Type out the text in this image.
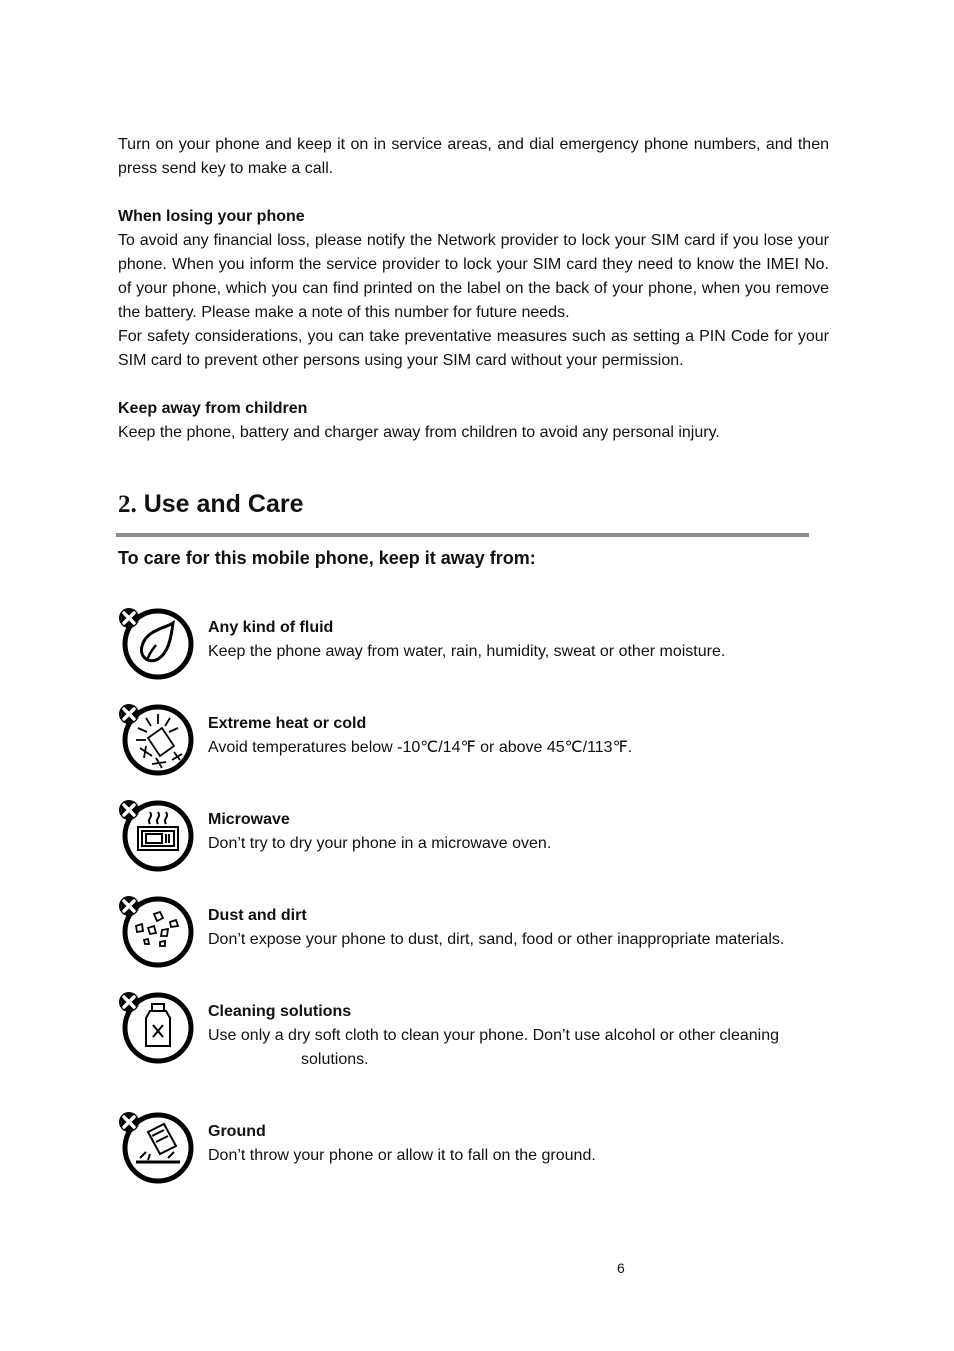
Turn on your phone and keep it on in service areas, and dial emergency phone numbers, and then press send key to make a call.

When losing your phone

To avoid any financial loss, please notify the Network provider to lock your SIM card if you lose your phone. When you inform the service provider to lock your SIM card they need to know the IMEI No. of your phone, which you can find printed on the label on the back of your phone, when you remove the battery. Please make a note of this number for future needs.

For safety considerations, you can take preventative measures such as setting a PIN Code for your SIM card to prevent other persons using your SIM card without your permission.

Keep away from children

Keep the phone, battery and charger away from children to avoid any personal injury.

2. Use and Care
To care for this mobile phone, keep it away from:

Any kind of fluid

Keep the phone away from water, rain, humidity, sweat or other moisture.

Extreme heat or cold

Avoid temperatures below -10℃/14℉ or above 45℃/113℉.

Microwave

Don’t try to dry your phone in a microwave oven.

Dust and dirt

Don’t expose your phone to dust, dirt, sand, food or other inappropriate materials.

Cleaning solutions

Use only a dry soft cloth to clean your phone. Don’t use alcohol or other cleaning

solutions.

Ground

Don’t throw your phone or allow it to fall on the ground.

6
